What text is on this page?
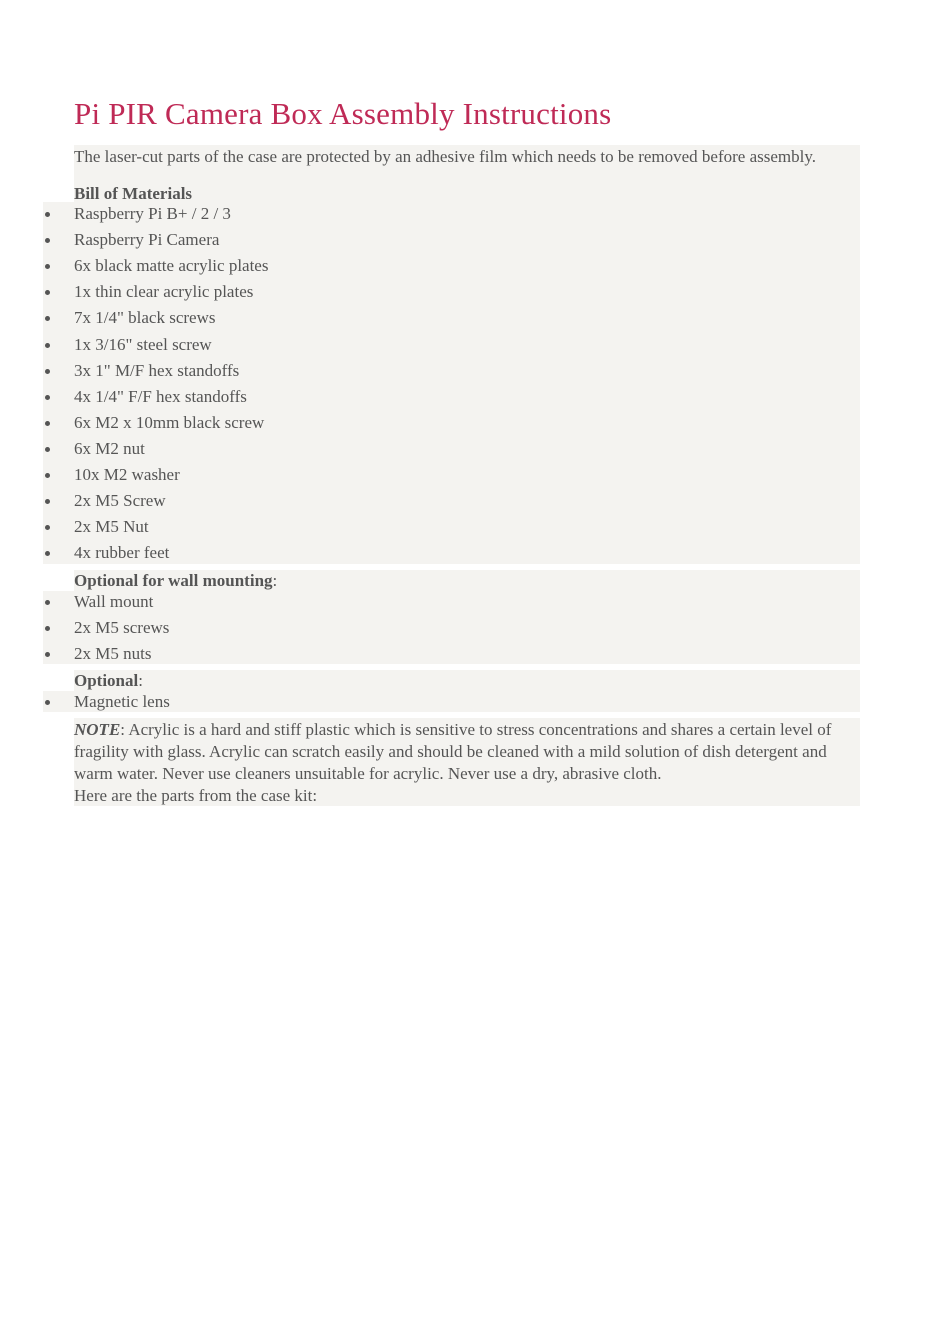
Pi PIR Camera Box Assembly Instructions
The laser-cut parts of the case are protected by an adhesive film which needs to be removed before assembly.
Bill of Materials
Raspberry Pi B+ / 2 / 3
Raspberry Pi Camera
6x black matte acrylic plates
1x thin clear acrylic plates
7x 1/4" black screws
1x 3/16" steel screw
3x 1" M/F hex standoffs
4x 1/4" F/F hex standoffs
6x M2 x 10mm black screw
6x M2 nut
10x M2 washer
2x M5 Screw
2x M5 Nut
4x rubber feet
Optional for wall mounting:
Wall mount
2x M5 screws
2x M5 nuts
Optional:
Magnetic lens
NOTE: Acrylic is a hard and stiff plastic which is sensitive to stress concentrations and shares a certain level of fragility with glass. Acrylic can scratch easily and should be cleaned with a mild solution of dish detergent and warm water. Never use cleaners unsuitable for acrylic. Never use a dry, abrasive cloth.
Here are the parts from the case kit:
